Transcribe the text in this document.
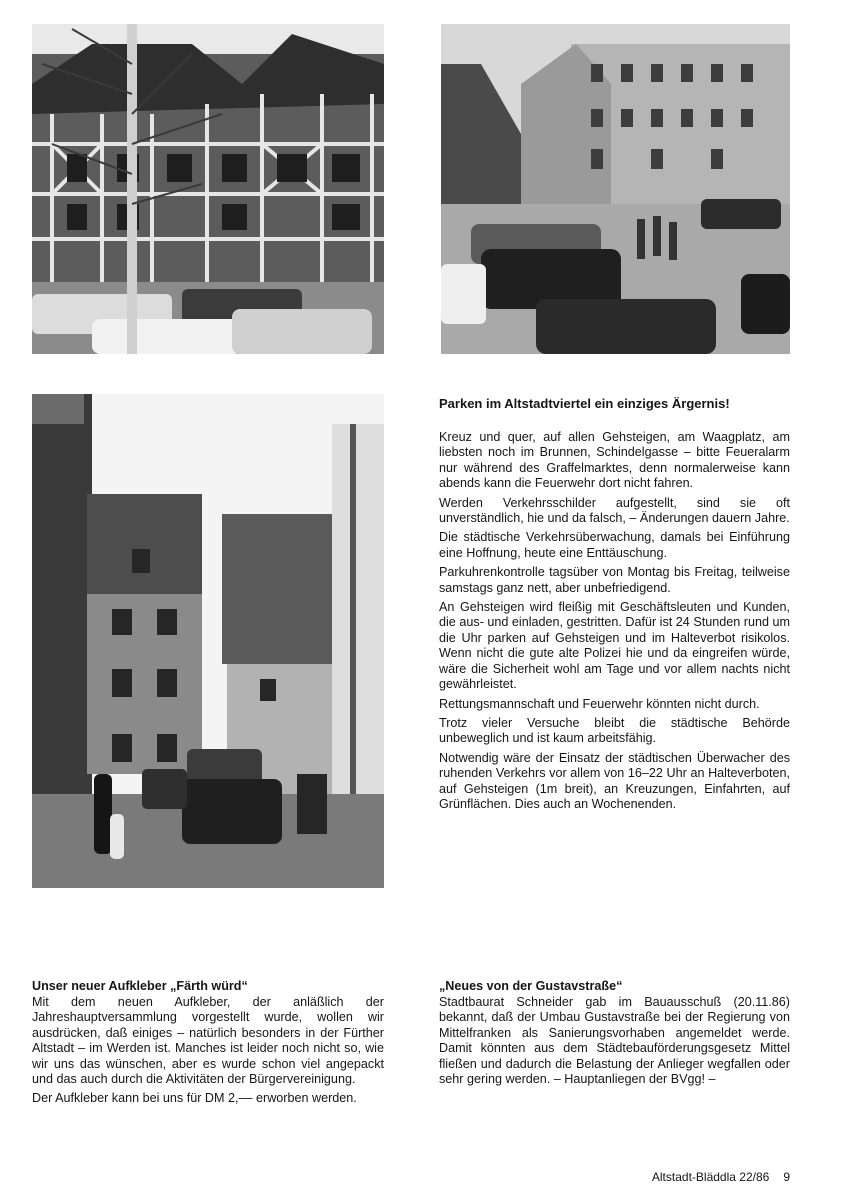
Parken im Altstadtviertel ein einziges Ärgernis!

Kreuz und quer, auf allen Gehsteigen, am Waagplatz, am liebsten noch im Brunnen, Schindelgasse – bitte Feueralarm nur während des Graffelmarktes, denn normalerweise kann abends kann die Feuerwehr dort nicht fahren.

Werden Verkehrsschilder aufgestellt, sind sie oft unverständlich, hie und da falsch, – Änderungen dauern Jahre.

Die städtische Verkehrsüberwachung, damals bei Einführung eine Hoffnung, heute eine Enttäuschung.

Parkuhrenkontrolle tagsüber von Montag bis Freitag, teilweise samstags ganz nett, aber unbefriedigend.

An Gehsteigen wird fleißig mit Geschäftsleuten und Kunden, die aus- und einladen, gestritten. Dafür ist 24 Stunden rund um die Uhr parken auf Gehsteigen und im Halteverbot risikolos. Wenn nicht die gute alte Polizei hie und da eingreifen würde, wäre die Sicherheit wohl am Tage und vor allem nachts nicht gewährleistet.

Rettungsmannschaft und Feuerwehr könnten nicht durch.

Trotz vieler Versuche bleibt die städtische Behörde unbeweglich und ist kaum arbeitsfähig.

Notwendig wäre der Einsatz der städtischen Überwacher des ruhenden Verkehrs vor allem von 16–22 Uhr an Halteverboten, auf Gehsteigen (1m breit), an Kreuzungen, Einfahrten, auf Grünflächen. Dies auch an Wochenenden.

Unser neuer Aufkleber „Färth würd“

Mit dem neuen Aufkleber, der anläßlich der Jahreshauptversammlung vorgestellt wurde, wollen wir ausdrücken, daß einiges – natürlich besonders in der Fürther Altstadt – im Werden ist. Manches ist leider noch nicht so, wie wir uns das wünschen, aber es wurde schon viel angepackt und das auch durch die Aktivitäten der Bürgervereinigung.

Der Aufkleber kann bei uns für DM 2,–– erworben werden.

„Neues von der Gustavstraße“

Stadtbaurat Schneider gab im Bauausschuß (20.11.86) bekannt, daß der Umbau Gustavstraße bei der Regierung von Mittelfranken als Sanierungsvorhaben angemeldet werde. Damit könnten aus dem Städtebauförderungsgesetz Mittel fließen und dadurch die Belastung der Anlieger wegfallen oder sehr gering werden. – Hauptanliegen der BVgg! –

Altstadt-Bläddla 22/86 9
